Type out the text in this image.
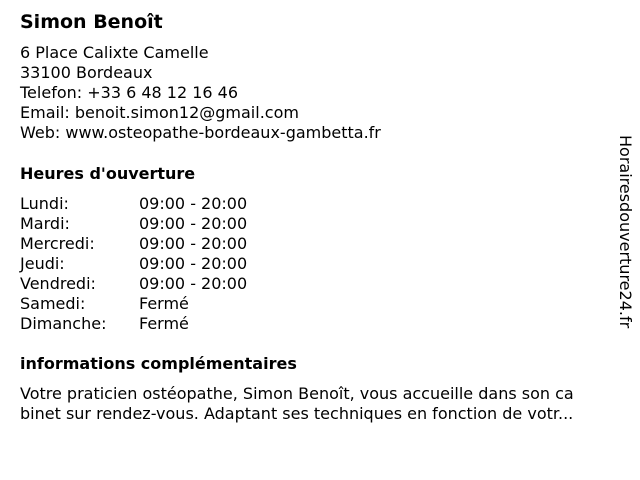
Simon Benoît
6 Place Calixte Camelle
33100 Bordeaux
Telefon: +33 6 48 12 16 46
Email: benoit.simon12@gmail.com
Web: www.osteopathe-bordeaux-gambetta.fr
Heures d'ouverture
Lundi:	09:00 - 20:00
Mardi:	09:00 - 20:00
Mercredi:	09:00 - 20:00
Jeudi:	09:00 - 20:00
Vendredi:	09:00 - 20:00
Samedi:	Fermé
Dimanche: Fermé
informations complémentaires
Votre praticien ostéopathe, Simon Benoît, vous accueille dans son ca
binet sur rendez-vous. Adaptant ses techniques en fonction de votr...
Horairesdouverture24.fr
